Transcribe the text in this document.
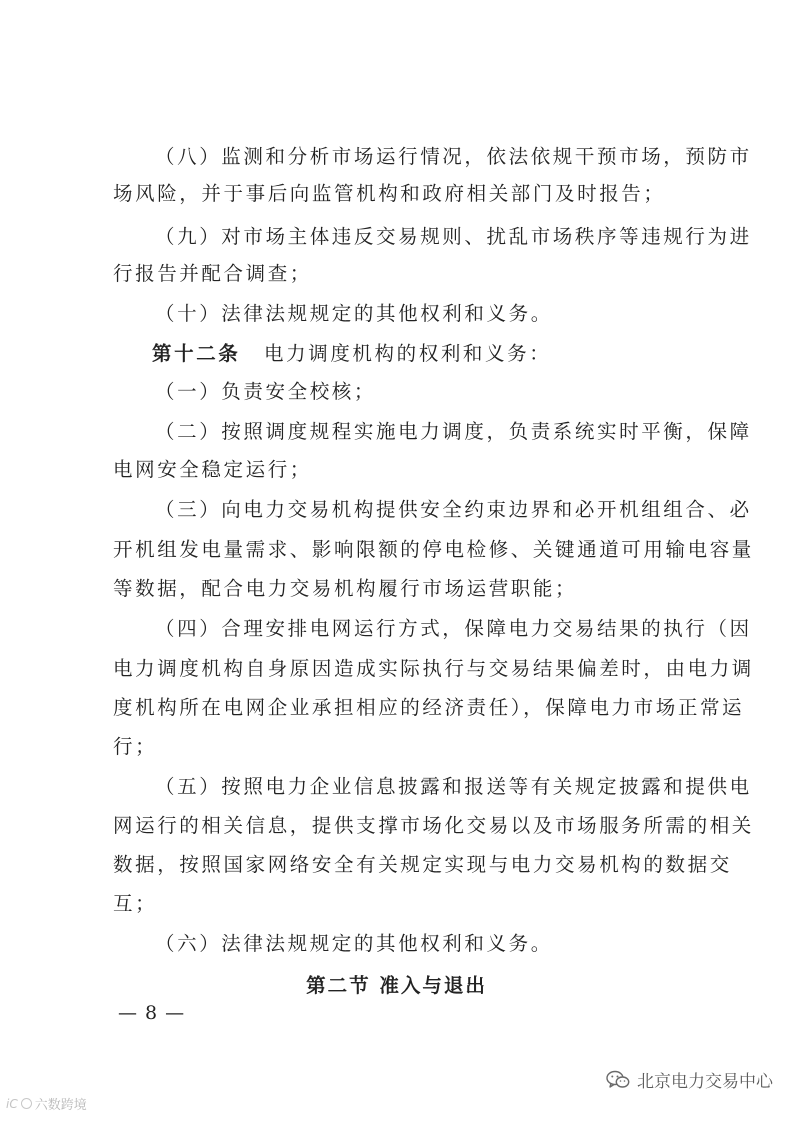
（八）监测和分析市场运行情况，依法依规干预市场，预防市
场风险，并于事后向监管机构和政府相关部门及时报告；
（九）对市场主体违反交易规则、扰乱市场秩序等违规行为进
行报告并配合调查；
（十）法律法规规定的其他权利和义务。
第十二条 电力调度机构的权利和义务：
（一）负责安全校核；
（二）按照调度规程实施电力调度，负责系统实时平衡，保障
电网安全稳定运行；
（三）向电力交易机构提供安全约束边界和必开机组组合、必
开机组发电量需求、影响限额的停电检修、关键通道可用输电容量
等数据，配合电力交易机构履行市场运营职能；
（四）合理安排电网运行方式，保障电力交易结果的执行（因
电力调度机构自身原因造成实际执行与交易结果偏差时，由电力调
度机构所在电网企业承担相应的经济责任），保障电力市场正常运
行；
（五）按照电力企业信息披露和报送等有关规定披露和提供电
网运行的相关信息，提供支撑市场化交易以及市场服务所需的相关
数据，按照国家网络安全有关规定实现与电力交易机构的数据交
互；
（六）法律法规规定的其他权利和义务。
第二节 准入与退出
— 8 —
iC 六数跨境
北京电力交易中心
